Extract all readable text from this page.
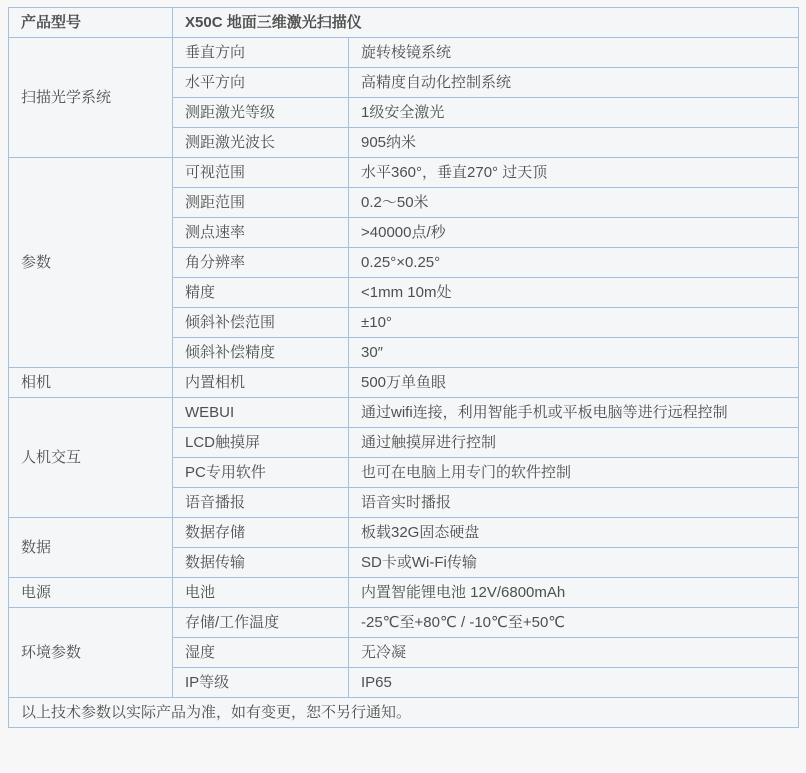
产品型号	X50C 地面三维激光扫描仪	
扫描光学系统	垂直方向	旋转棱镜系统
	水平方向	高精度自动化控制系统
	测距激光等级	1级安全激光
	测距激光波长	905纳米
参数	可视范围	水平360°，垂直270° 过天顶
	测距范围	0.2～50米
	测点速率	>40000点/秒
	角分辨率	0.25°×0.25°
	精度	<1mm 10m处
	倾斜补偿范围	±10°
	倾斜补偿精度	30″
相机	内置相机	500万单鱼眼
人机交互	WEBUI	通过wifi连接，利用智能手机或平板电脑等进行远程控制
	LCD触摸屏	通过触摸屏进行控制
	PC专用软件	也可在电脑上用专门的软件控制
	语音播报	语音实时播报
数据	数据存储	板载32G固态硬盘
	数据传输	SD卡或Wi-Fi传输
电源	电池	内置智能锂电池 12V/6800mAh
环境参数	存储/工作温度	-25℃至+80℃ / -10℃至+50℃
	湿度	无冷凝
	IP等级	IP65
以上技术参数以实际产品为准，如有变更，恕不另行通知。		
